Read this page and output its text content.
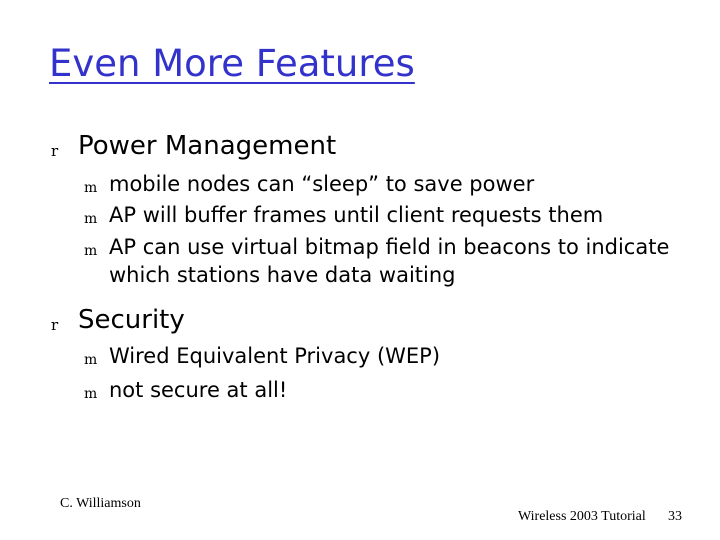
Even More Features
r Power Management
m mobile nodes can “sleep” to save power
m AP will buffer frames until client requests them
m AP can use virtual bitmap field in beacons to indicate which stations have data waiting
r Security
m Wired Equivalent Privacy (WEP)
m not secure at all!
C. Williamson
Wireless 2003 Tutorial 33
